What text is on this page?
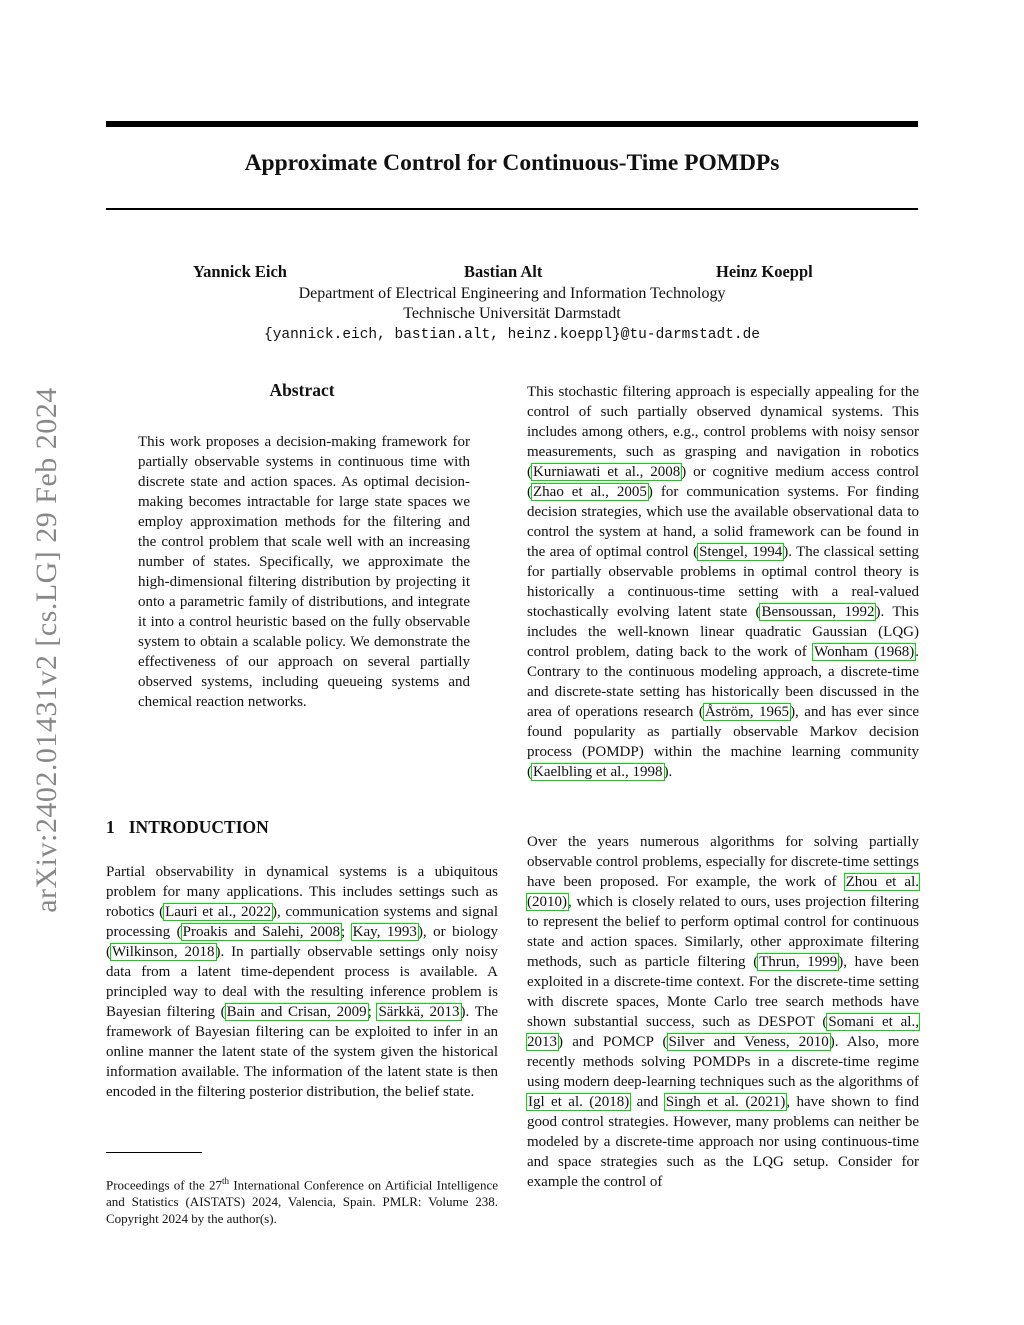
Approximate Control for Continuous-Time POMDPs
Yannick Eich	Bastian Alt	Heinz Koeppl
Department of Electrical Engineering and Information Technology
Technische Universität Darmstadt
{yannick.eich, bastian.alt, heinz.koeppl}@tu-darmstadt.de
arXiv:2402.01431v2 [cs.LG] 29 Feb 2024	Abstract

This work proposes a decision-making framework for partially observable systems in continuous time with discrete state and action spaces. As optimal decision-making becomes intractable for large state spaces we employ approximation methods for the filtering and the control problem that scale well with an increasing number of states. Specifically, we approximate the high-dimensional filtering distribution by projecting it onto a parametric family of distributions, and integrate it into a control heuristic based on the fully observable system to obtain a scalable policy. We demonstrate the effectiveness of our approach on several partially observed systems, including queueing systems and chemical reaction networks.

1 INTRODUCTION

Partial observability in dynamical systems is a ubiquitous problem for many applications. This includes settings such as robotics (Lauri et al., 2022), communication systems and signal processing (Proakis and Salehi, 2008; Kay, 1993), or biology (Wilkinson, 2018). In partially observable settings only noisy data from a latent time-dependent process is available. A principled way to deal with the resulting inference problem is Bayesian filtering (Bain and Crisan, 2009; Särkkä, 2013). The framework of Bayesian filtering can be exploited to infer in an online manner the latent state of the system given the historical information available. The information of the latent state is then encoded in the filtering posterior distribution, the belief state.

Proceedings of the 27th International Conference on Artificial Intelligence and Statistics (AISTATS) 2024, Valencia, Spain. PMLR: Volume 238. Copyright 2024 by the author(s).

This stochastic filtering approach is especially appealing for the control of such partially observed dynamical systems. This includes among others, e.g., control problems with noisy sensor measurements, such as grasping and navigation in robotics (Kurniawati et al., 2008) or cognitive medium access control (Zhao et al., 2005) for communication systems. For finding decision strategies, which use the available observational data to control the system at hand, a solid framework can be found in the area of optimal control (Stengel, 1994). The classical setting for partially observable problems in optimal control theory is historically a continuous-time setting with a real-valued stochastically evolving latent state (Bensoussan, 1992). This includes the well-known linear quadratic Gaussian (LQG) control problem, dating back to the work of Wonham (1968). Contrary to the continuous modeling approach, a discrete-time and discrete-state setting has historically been discussed in the area of operations research (Åström, 1965), and has ever since found popularity as partially observable Markov decision process (POMDP) within the machine learning community (Kaelbling et al., 1998).

Over the years numerous algorithms for solving partially observable control problems, especially for discrete-time settings have been proposed. For example, the work of Zhou et al. (2010), which is closely related to ours, uses projection filtering to represent the belief to perform optimal control for continuous state and action spaces. Similarly, other approximate filtering methods, such as particle filtering (Thrun, 1999), have been exploited in a discrete-time context. For the discrete-time setting with discrete spaces, Monte Carlo tree search methods have shown substantial success, such as DESPOT (Somani et al., 2013) and POMCP (Silver and Veness, 2010). Also, more recently methods solving POMDPs in a discrete-time regime using modern deep-learning techniques such as the algorithms of Igl et al. (2018) and Singh et al. (2021), have shown to find good control strategies. However, many problems can neither be modeled by a discrete-time approach nor using continuous-time and space strategies such as the LQG setup. Consider for example the control of
